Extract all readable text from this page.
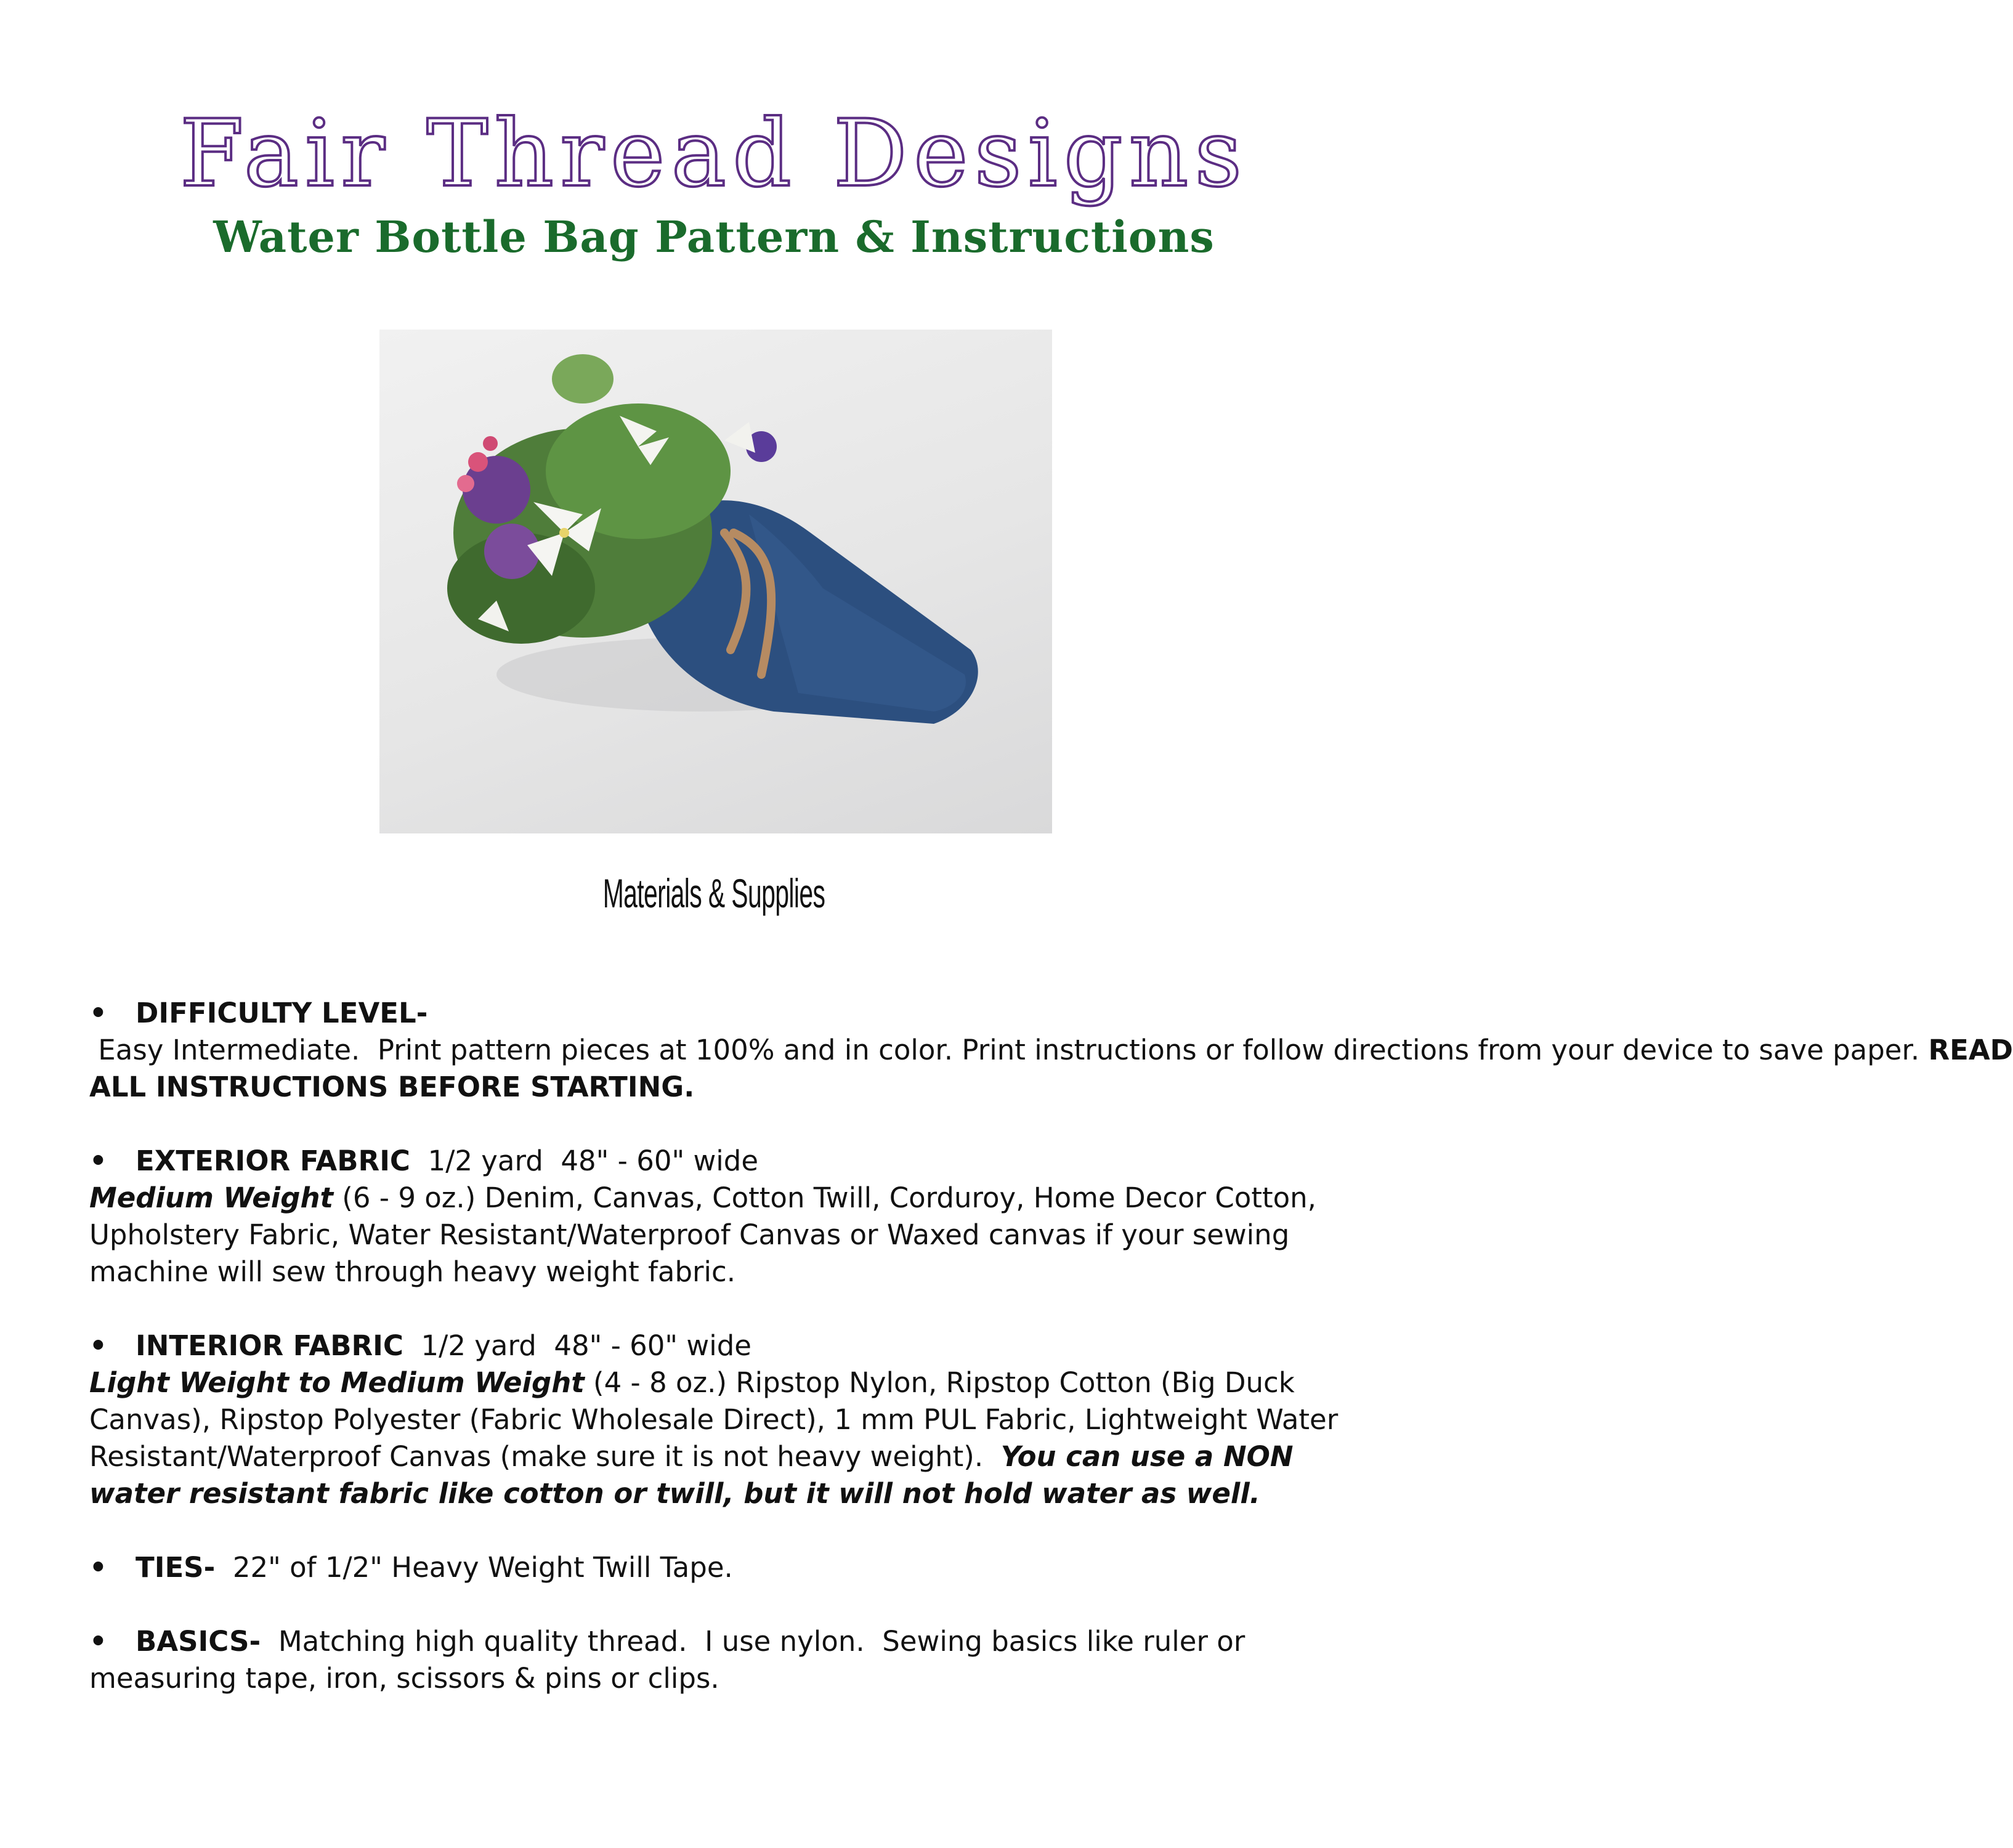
Fair Thread Designs
Water Bottle Bag Pattern & Instructions
Materials & Supplies

• DIFFICULTY LEVEL- Easy Intermediate.  Print pattern pieces at 100% and in color. Print instructions or follow directions from your device to save paper. READ ALL INSTRUCTIONS BEFORE STARTING.

• EXTERIOR FABRIC  1/2 yard  48" - 60" wide

Medium Weight (6 - 9 oz.) Denim, Canvas, Cotton Twill, Corduroy, Home Decor Cotton, Upholstery Fabric, Water Resistant/Waterproof Canvas or Waxed canvas if your sewing machine will sew through heavy weight fabric.

• INTERIOR FABRIC  1/2 yard  48" - 60" wide

Light Weight to Medium Weight (4 - 8 oz.) Ripstop Nylon, Ripstop Cotton (Big Duck Canvas), Ripstop Polyester (Fabric Wholesale Direct), 1 mm PUL Fabric, Lightweight Water Resistant/Waterproof Canvas (make sure it is not heavy weight).  You can use a NON water resistant fabric like cotton or twill, but it will not hold water as well.

• TIES-  22" of 1/2" Heavy Weight Twill Tape.

• BASICS-  Matching high quality thread.  I use nylon.  Sewing basics like ruler or measuring tape, iron, scissors & pins or clips.
